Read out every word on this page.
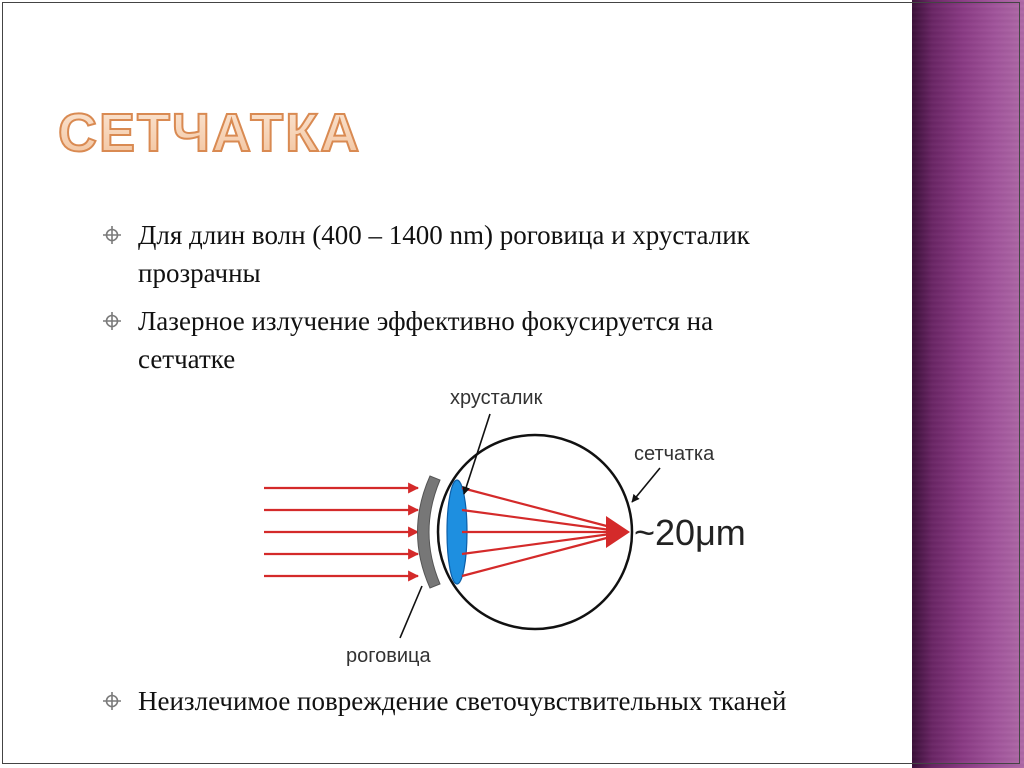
СЕТЧАТКА
Для длин волн (400 – 1400 nm) роговица и хрусталик
прозрачны
Лазерное излучение эффективно фокусируется на
сетчатке
Неизлечимое повреждение светочувствительных тканей
хрусталик
сетчатка
роговица
~20μm
